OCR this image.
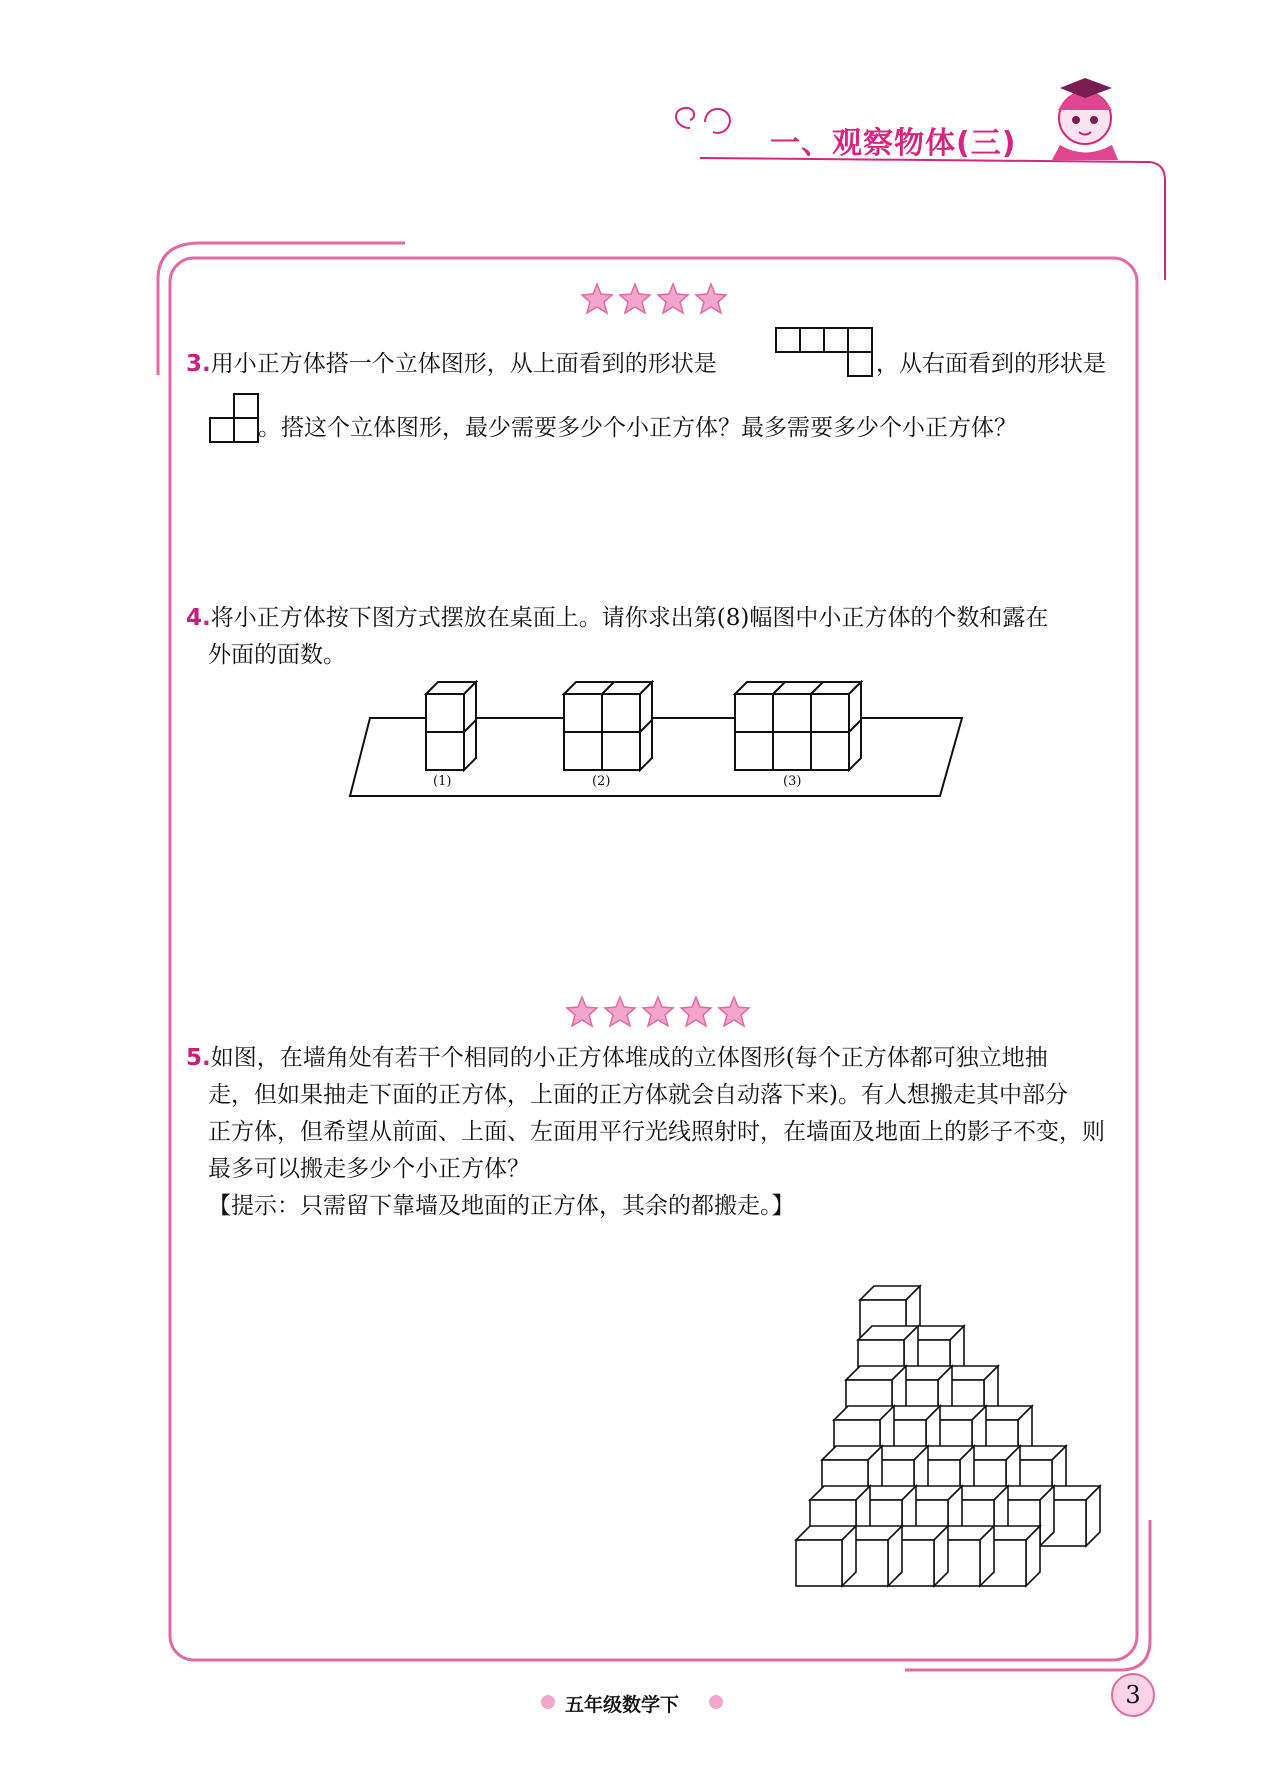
一、观察物体(三)
3.用小正方体搭一个立体图形，从上面看到的形状是	，从右面看到的形状是
。搭这个立体图形，最少需要多少个小正方体？最多需要多少个小正方体？
4.将小正方体按下图方式摆放在桌面上。请你求出第(8)幅图中小正方体的个数和露在
外面的面数。
(1)	(2)	(3)
5.如图，在墙角处有若干个相同的小正方体堆成的立体图形(每个正方体都可独立地抽
走，但如果抽走下面的正方体，上面的正方体就会自动落下来)。有人想搬走其中部分
正方体，但希望从前面、上面、左面用平行光线照射时，在墙面及地面上的影子不变，则
最多可以搬走多少个小正方体？
【提示：只需留下靠墙及地面的正方体，其余的都搬走。】
五年级数学下	3
